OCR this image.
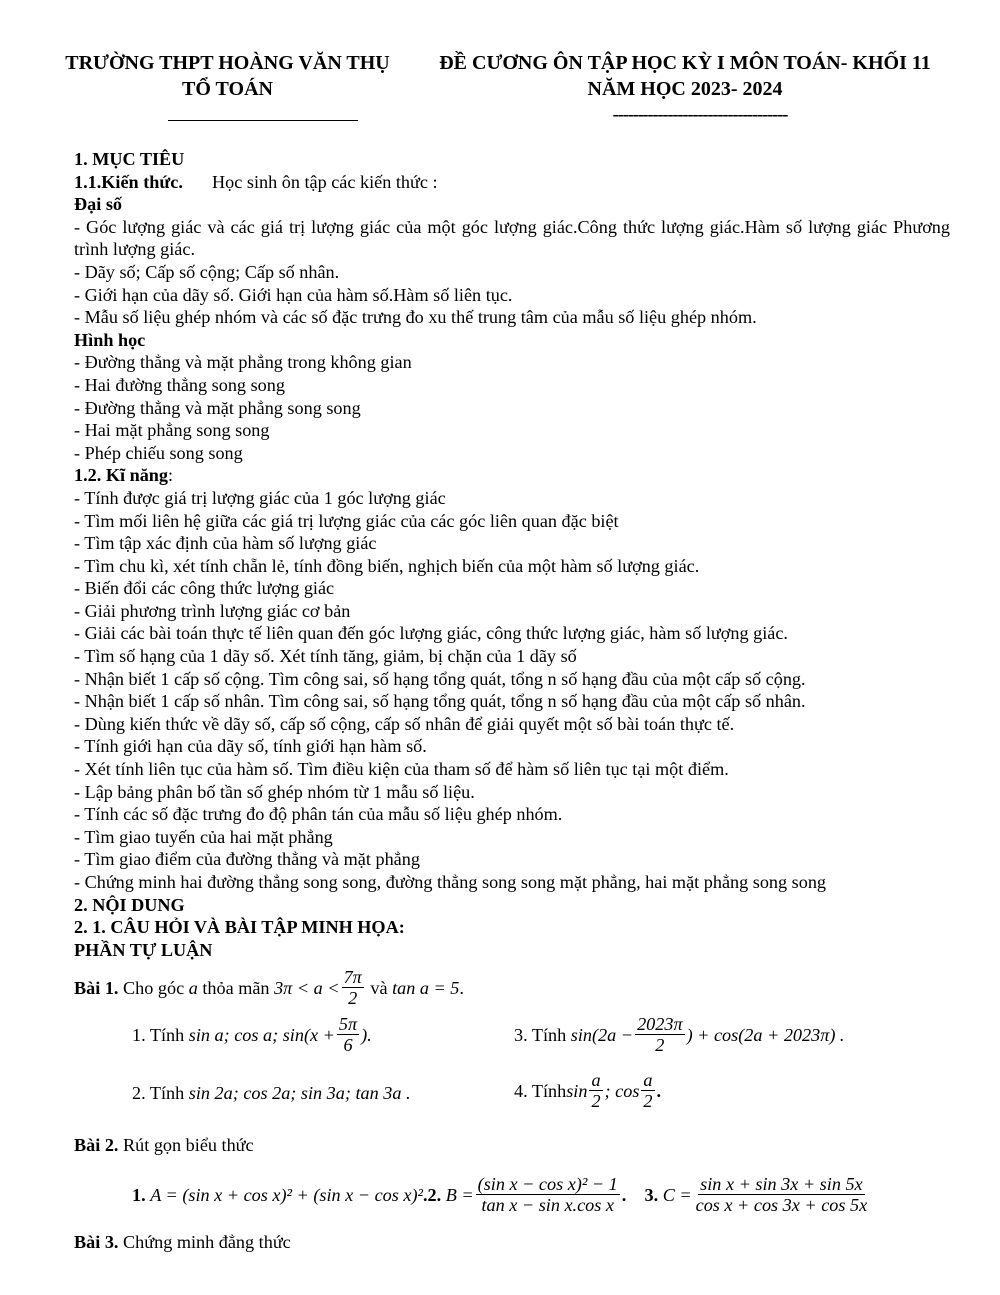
TRƯỜNG THPT HOÀNG VĂN THỤ
TỔ TOÁN
ĐỀ CƯƠNG ÔN TẬP HỌC KỲ I MÔN TOÁN- KHỐI 11
NĂM HỌC 2023- 2024
-----------------------------------

1. MỤC TIÊU

1.1.Kiến thức. Học sinh ôn tập các kiến thức :

Đại số

- Góc lượng giác và các giá trị lượng giác của một góc lượng giác.Công thức lượng giác.Hàm số lượng giác Phương trình lượng giác.

- Dãy số; Cấp số cộng; Cấp số nhân.

- Giới hạn của dãy số. Giới hạn của hàm số.Hàm số liên tục.

- Mẫu số liệu ghép nhóm và các số đặc trưng đo xu thế trung tâm của mẫu số liệu ghép nhóm.

Hình học

- Đường thẳng và mặt phẳng trong không gian

- Hai đường thẳng song song

- Đường thẳng và mặt phẳng song song

- Hai mặt phẳng song song

- Phép chiếu song song

1.2. Kĩ năng:

- Tính được giá trị lượng giác của 1 góc lượng giác

- Tìm mối liên hệ giữa các giá trị lượng giác của các góc liên quan đặc biệt

- Tìm tập xác định của hàm số lượng giác

- Tìm chu kì, xét tính chẵn lẻ, tính đồng biến, nghịch biến của một hàm số lượng giác.

- Biến đổi các công thức lượng giác

- Giải phương trình lượng giác cơ bản

- Giải các bài toán thực tế liên quan đến góc lượng giác, công thức lượng giác, hàm số lượng giác.

- Tìm số hạng của 1 dãy số. Xét tính tăng, giảm, bị chặn của 1 dãy số

- Nhận biết 1 cấp số cộng. Tìm công sai, số hạng tổng quát, tổng n số hạng đầu của một cấp số cộng.

- Nhận biết 1 cấp số nhân. Tìm công sai, số hạng tổng quát, tổng n số hạng đầu của một cấp số nhân.

- Dùng kiến thức về dãy số, cấp số cộng, cấp số nhân để giải quyết một số bài toán thực tế.

- Tính giới hạn của dãy số, tính giới hạn hàm số.

- Xét tính liên tục của hàm số. Tìm điều kiện của tham số để hàm số liên tục tại một điểm.

- Lập bảng phân bố tần số ghép nhóm từ 1 mẫu số liệu.

- Tính các số đặc trưng đo độ phân tán của mẫu số liệu ghép nhóm.

- Tìm giao tuyến của hai mặt phẳng

- Tìm giao điểm của đường thẳng và mặt phẳng

- Chứng minh hai đường thẳng song song, đường thẳng song song mặt phẳng, hai mặt phẳng song song

2. NỘI DUNG

2. 1. CÂU HỎI VÀ BÀI TẬP MINH HỌA:

PHẦN TỰ LUẬN

Bài 1.
Cho góc
a
thỏa mãn
$3\pi < a < \frac{7\pi}{2}$
và
tan a = 5 .

1. Tính
sin a; cos a; $\sin(x + \frac{5\pi}{6}$ ).	3. Tính
$\sin(2a - \frac{2023\pi}{2}$ ) + cos(2a + 2023π) .
2. Tính
sin 2a; cos 2a; sin 3a; tan 3a .	4. Tính $\sin \frac{a}{2}$ ; $\cos \frac{a}{2}$ .

Bài 2. Rút gọn biểu thức

1.
A = (sin x + cos x)² + (sin x − cos x)² .2.
$B = \frac{\text{(sin x − cos x)² − 1}}{\text{tan x − sin x.cos x}}$ .
3.
$C = \frac{\text{sin x + sin 3x + sin 5x}}{\text{cos x + cos 3x + cos 5x}}$

Bài 3. Chứng minh đẳng thức
